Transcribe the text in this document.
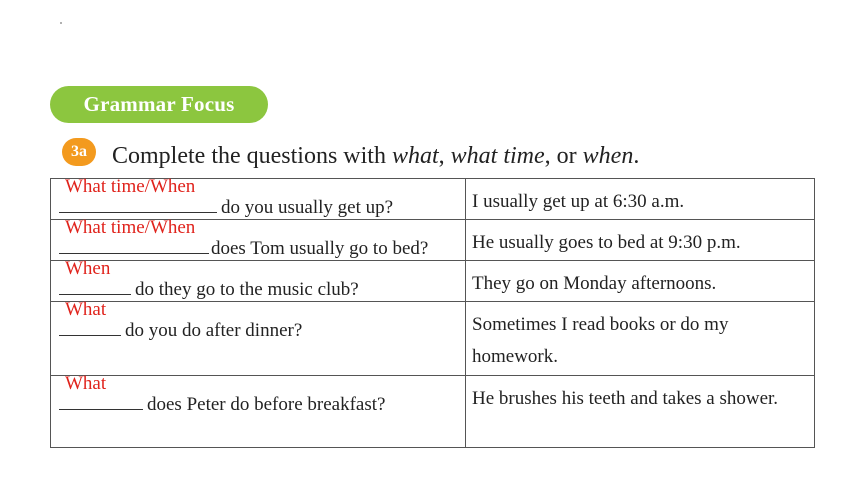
Grammar Focus
3a	Complete the questions with what, what time, or when.
What time/When
do you usually get up?	I usually get up at 6:30 a.m.

What time/When
does Tom usually go to bed?	He usually goes to bed at 9:30 p.m.

When
do they go to the music club?	They go on Monday afternoons.

What
do you do after dinner?	Sometimes I read books or do my homework.

What
does Peter do before breakfast?	He brushes his teeth and takes a shower.
